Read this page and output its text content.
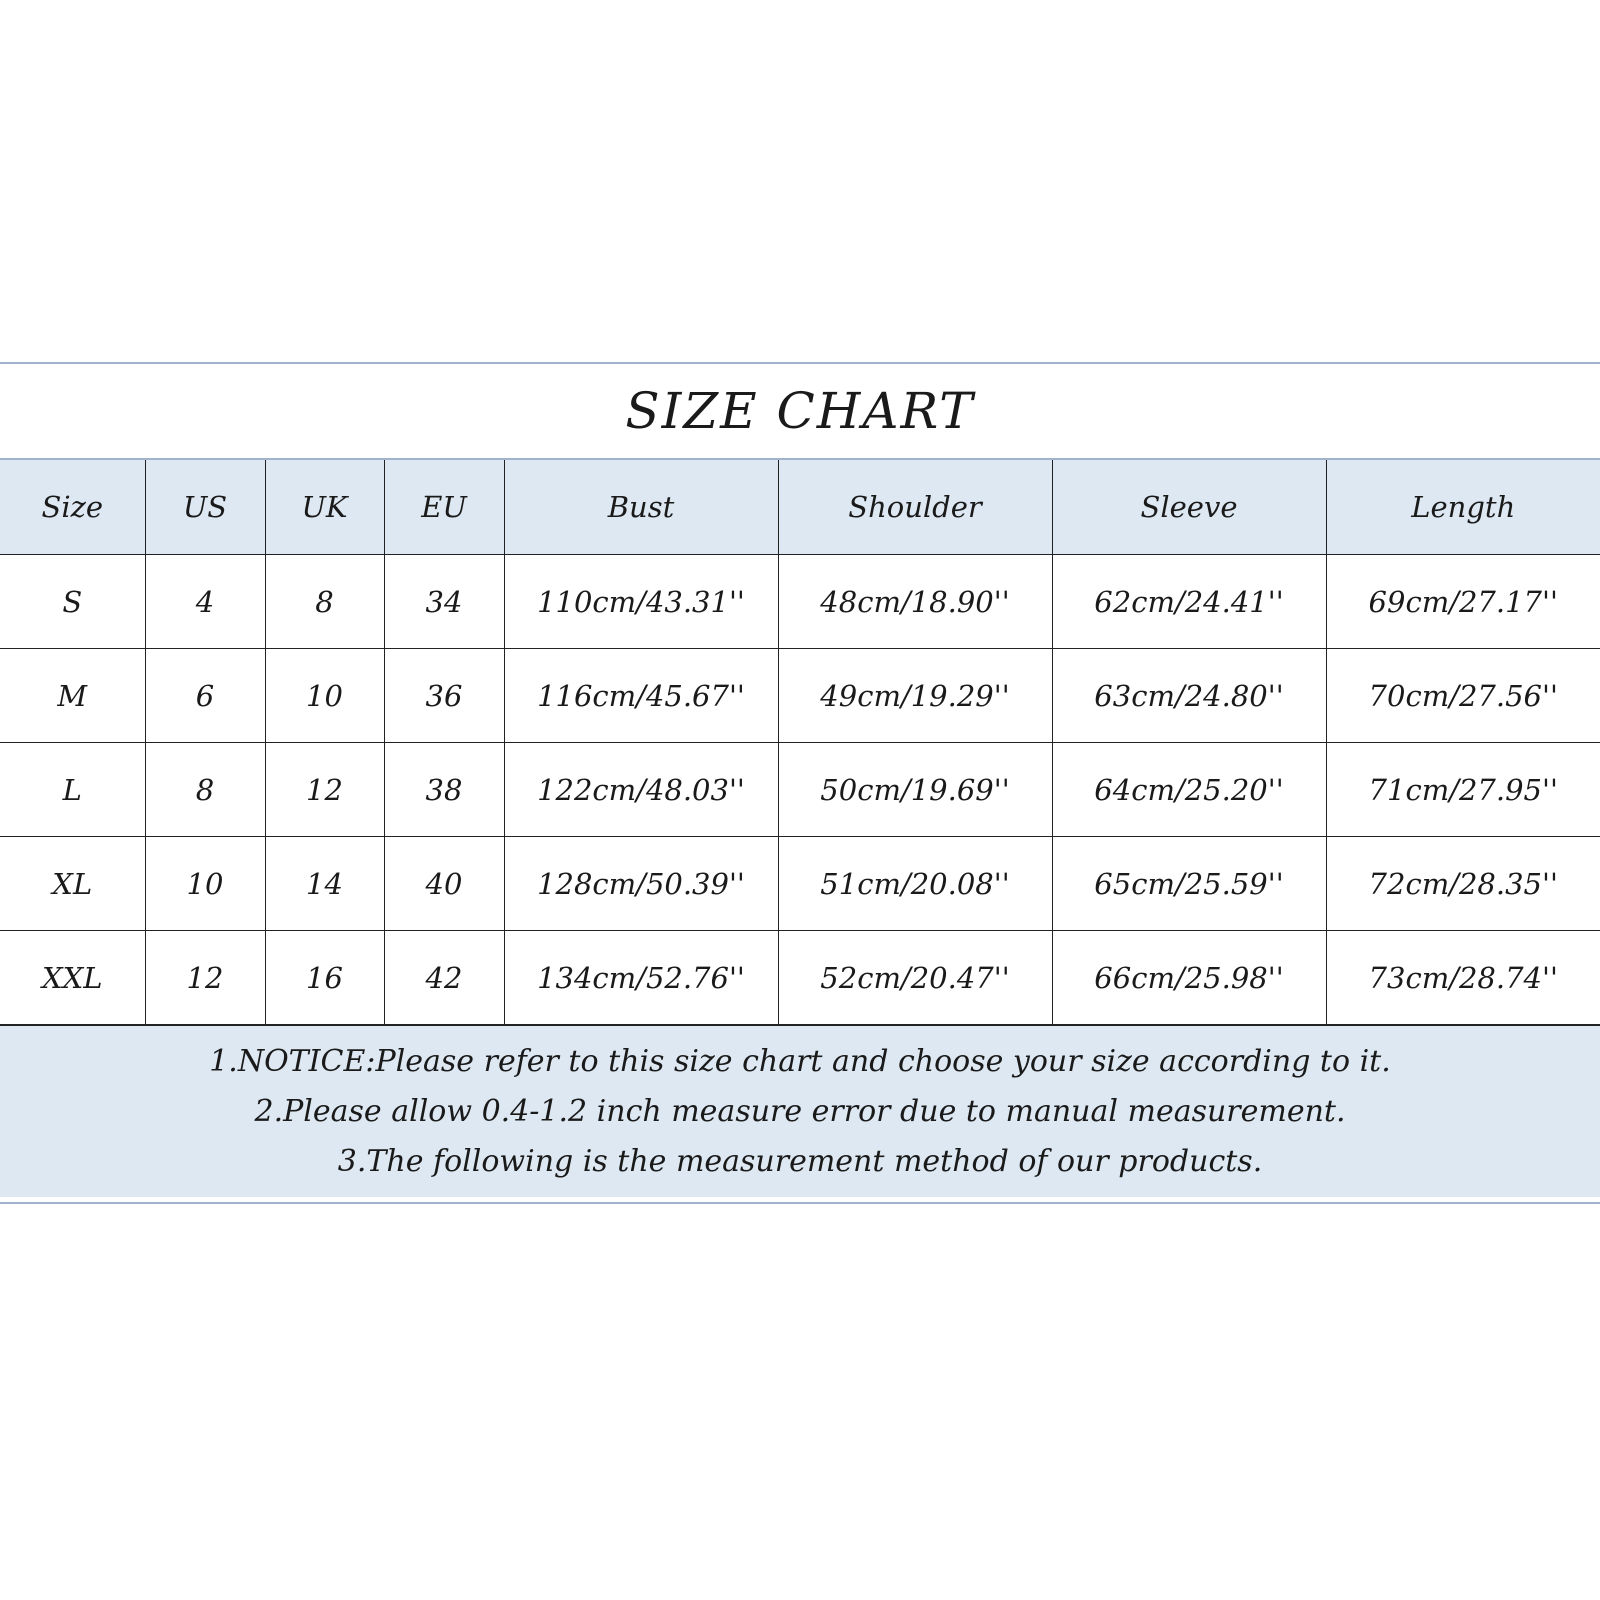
SIZE CHART
Size	US	UK	EU	Bust	Shoulder	Sleeve	Length
S	4	8	34	110cm/43.31''	48cm/18.90''	62cm/24.41''	69cm/27.17''
M	6	10	36	116cm/45.67''	49cm/19.29''	63cm/24.80''	70cm/27.56''
L	8	12	38	122cm/48.03''	50cm/19.69''	64cm/25.20''	71cm/27.95''
XL	10	14	40	128cm/50.39''	51cm/20.08''	65cm/25.59''	72cm/28.35''
XXL	12	16	42	134cm/52.76''	52cm/20.47''	66cm/25.98''	73cm/28.74''
1.NOTICE:Please refer to this size chart and choose your size according to it.
2.Please allow 0.4-1.2 inch measure error due to manual measurement.
3.The following is the measurement method of our products.
